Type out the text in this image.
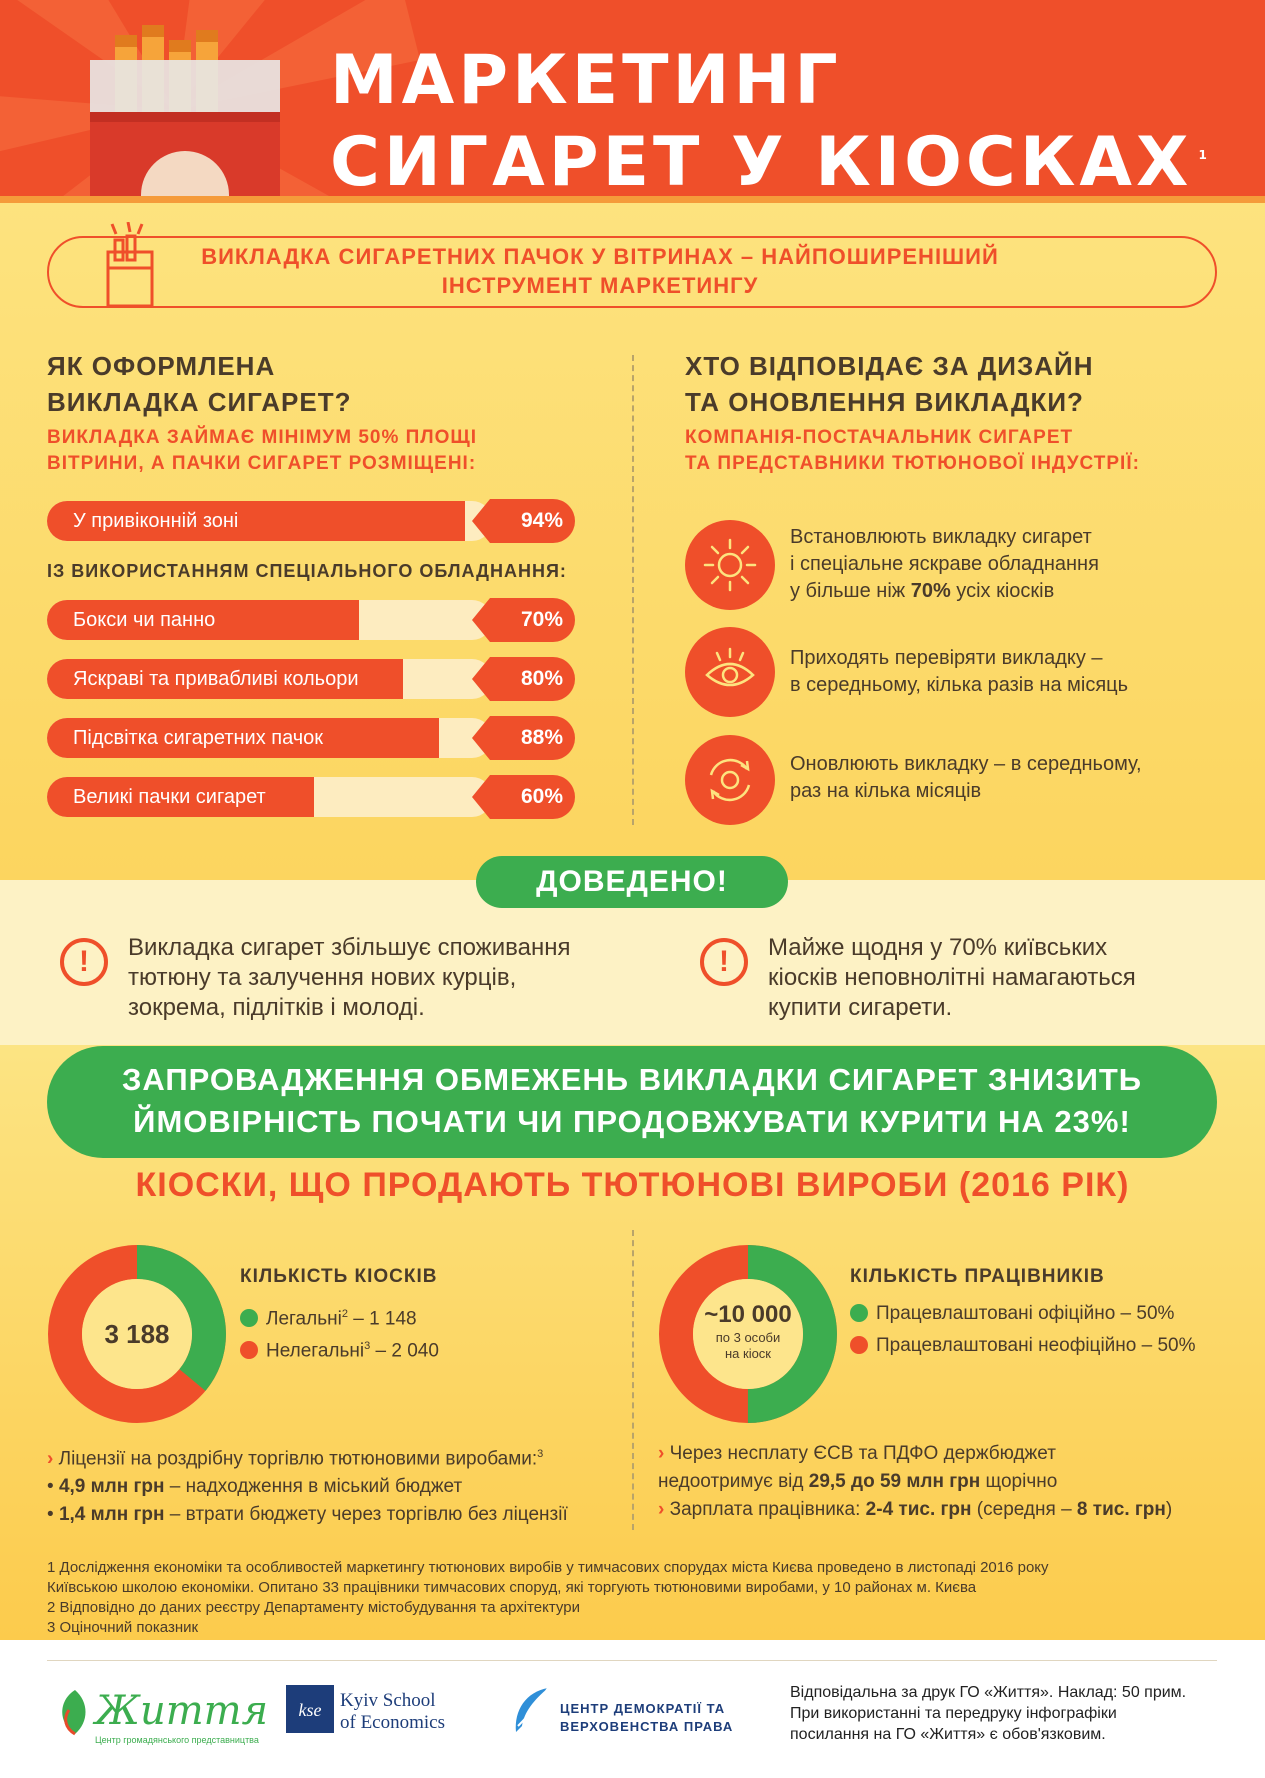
МАРКЕТИНГ
СИГАРЕТ У КІОСКАХ $^1$
ВИКЛАДКА СИГАРЕТНИХ ПАЧОК У ВІТРИНАХ – НАЙПОШИРЕНІШИЙ
ІНСТРУМЕНТ МАРКЕТИНГУ
ЯК ОФОРМЛЕНА
ВИКЛАДКА СИГАРЕТ?
ВИКЛАДКА ЗАЙМАЄ МІНІМУМ 50% ПЛОЩІ
ВІТРИНИ, А ПАЧКИ СИГАРЕТ РОЗМІЩЕНІ:
У привіконній зоні	94%
ІЗ ВИКОРИСТАННЯМ СПЕЦІАЛЬНОГО ОБЛАДНАННЯ:
Бокси чи панно	70%
Яскраві та привабливі кольори	80%
Підсвітка сигаретних пачок	88%
Великі пачки сигарет	60%
ХТО ВІДПОВІДАЄ ЗА ДИЗАЙН
ТА ОНОВЛЕННЯ ВИКЛАДКИ?
КОМПАНІЯ-ПОСТАЧАЛЬНИК СИГАРЕТ
ТА ПРЕДСТАВНИКИ ТЮТЮНОВОЇ ІНДУСТРІЇ:
Встановлюють викладку сигарет
і спеціальне яскраве обладнання
у більше ніж 70% усіх кіосків
Приходять перевіряти викладку –
в середньому, кілька разів на місяць
Оновлюють викладку – в середньому,
раз на кілька місяців
ДОВЕДЕНО!
!	Викладка сигарет збільшує споживання
тютюну та залучення нових курців,
зокрема, підлітків і молоді.
!	Майже щодня у 70% київських
кіосків неповнолітні намагаються
купити сигарети.
ЗАПРОВАДЖЕННЯ ОБМЕЖЕНЬ ВИКЛАДКИ СИГАРЕТ ЗНИЗИТЬ
ЙМОВІРНІСТЬ ПОЧАТИ ЧИ ПРОДОВЖУВАТИ КУРИТИ НА 23%!
КІОСКИ, ЩО ПРОДАЮТЬ ТЮТЮНОВІ ВИРОБИ (2016 РІК)
3 188
КІЛЬКІСТЬ КІОСКІВ
Легальні$^2$ – 1 148
Нелегальні$^3$ – 2 040
~10 000
по 3 особи
на кіоск
КІЛЬКІСТЬ ПРАЦІВНИКІВ
Працевлаштовані офіційно – 50%
Працевлаштовані неофіційно – 50%
› Ліцензії на роздрібну торгівлю тютюновими виробами:$^3$
• 4,9 млн грн – надходження в міський бюджет
• 1,4 млн грн – втрати бюджету через торгівлю без ліцензії
› Через несплату ЄСВ та ПДФО держбюджет
недоотримує від 29,5 до 59 млн грн щорічно
› Зарплата працівника: 2-4 тис. грн (середня – 8 тис. грн)
1 Дослідження економіки та особливостей маркетингу тютюнових виробів у тимчасових спорудах міста Києва проведено в листопаді 2016 року
Київською школою економіки. Опитано 33 працівники тимчасових споруд, які торгують тютюновими виробами, у 10 районах м. Києва
2 Відповідно до даних реєстру Департаменту містобудування та архітектури
3 Оціночний показник
Життя
Центр громадянського представництва
kse Kyiv School
of Economics
ЦЕНТР ДЕМОКРАТІЇ ТА
ВЕРХОВЕНСТВА ПРАВА
Відповідальна за друк ГО «Життя». Наклад: 50 прим.
При використанні та передруку інфографіки
посилання на ГО «Життя» є обов'язковим.
